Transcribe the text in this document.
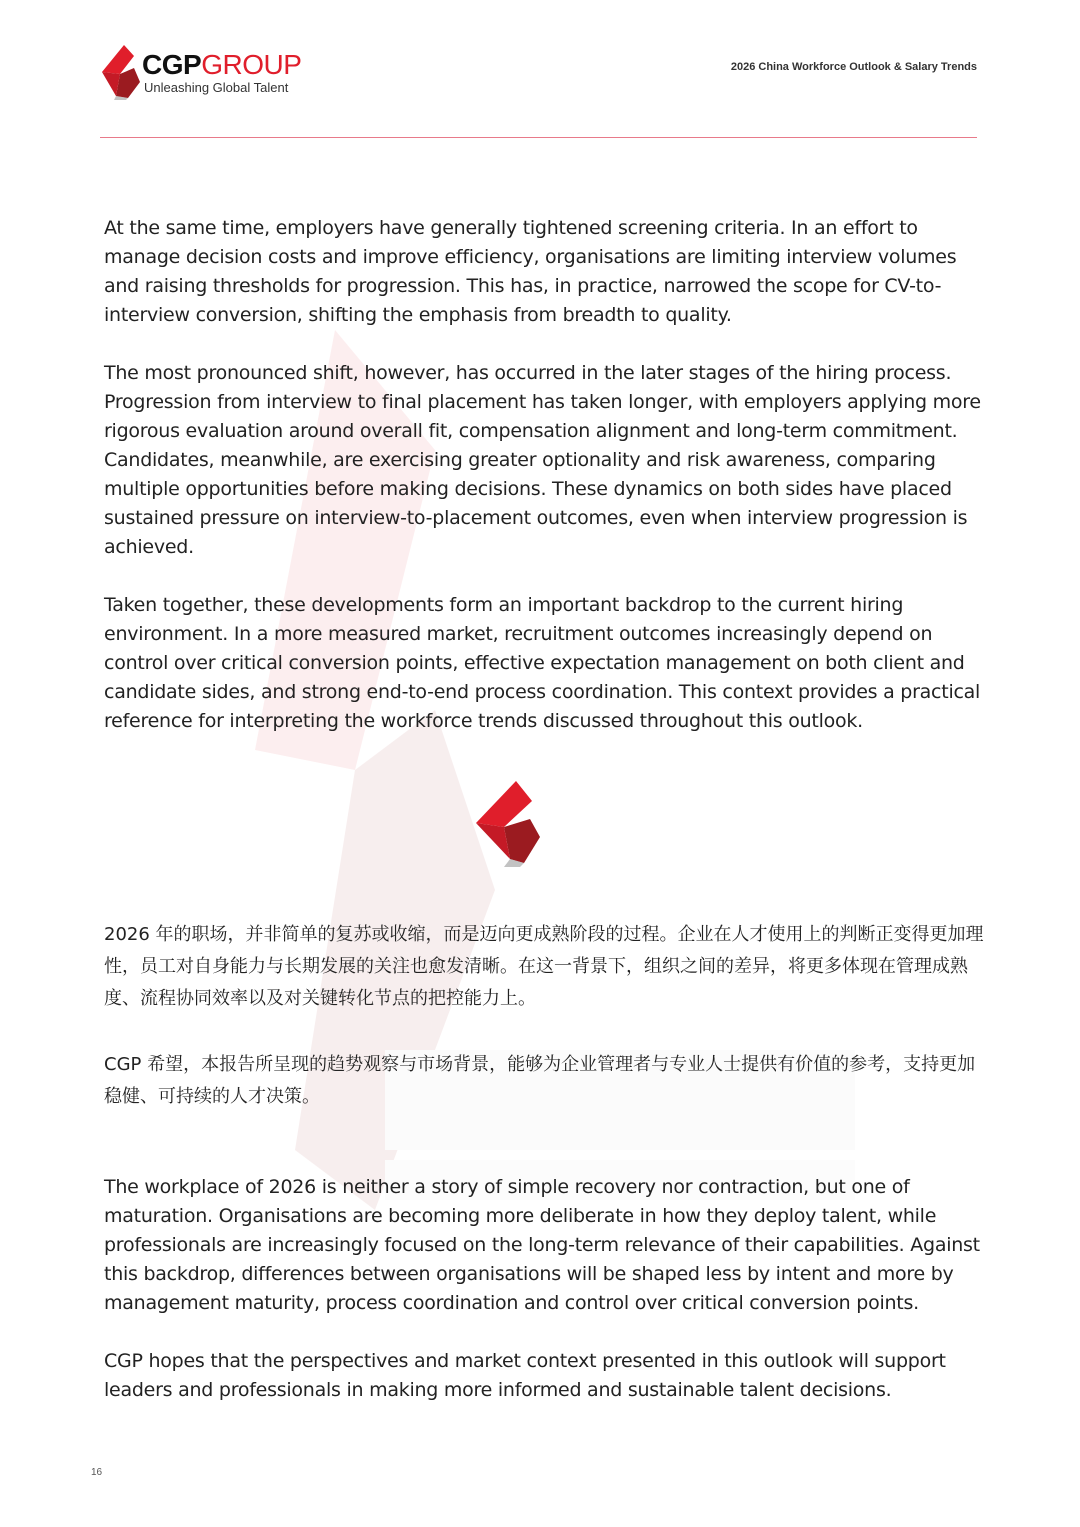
CGPGROUP
Unleashing Global Talent
2026 China Workforce Outlook & Salary Trends

At the same time, employers have generally tightened screening criteria. In an effort to manage decision costs and improve efficiency, organisations are limiting interview volumes and raising thresholds for progression. This has, in practice, narrowed the scope for CV-to-interview conversion, shifting the emphasis from breadth to quality.

The most pronounced shift, however, has occurred in the later stages of the hiring process. Progression from interview to final placement has taken longer, with employers applying more rigorous evaluation around overall fit, compensation alignment and long-term commitment. Candidates, meanwhile, are exercising greater optionality and risk awareness, comparing multiple opportunities before making decisions. These dynamics on both sides have placed sustained pressure on interview-to-placement outcomes, even when interview progression is achieved.

Taken together, these developments form an important backdrop to the current hiring environment. In a more measured market, recruitment outcomes increasingly depend on control over critical conversion points, effective expectation management on both client and candidate sides, and strong end-to-end process coordination. This context provides a practical reference for interpreting the workforce trends discussed throughout this outlook.

2026 年的职场，并非简单的复苏或收缩，而是迈向更成熟阶段的过程。企业在人才使用上的判断正变得更加理性，员工对自身能力与长期发展的关注也愈发清晰。在这一背景下，组织之间的差异，将更多体现在管理成熟度、流程协同效率以及对关键转化节点的把控能力上。

CGP 希望，本报告所呈现的趋势观察与市场背景，能够为企业管理者与专业人士提供有价值的参考，支持更加稳健、可持续的人才决策。

The workplace of 2026 is neither a story of simple recovery nor contraction, but one of maturation. Organisations are becoming more deliberate in how they deploy talent, while professionals are increasingly focused on the long-term relevance of their capabilities. Against this backdrop, differences between organisations will be shaped less by intent and more by management maturity, process coordination and control over critical conversion points.

CGP hopes that the perspectives and market context presented in this outlook will support leaders and professionals in making more informed and sustainable talent decisions.

16
